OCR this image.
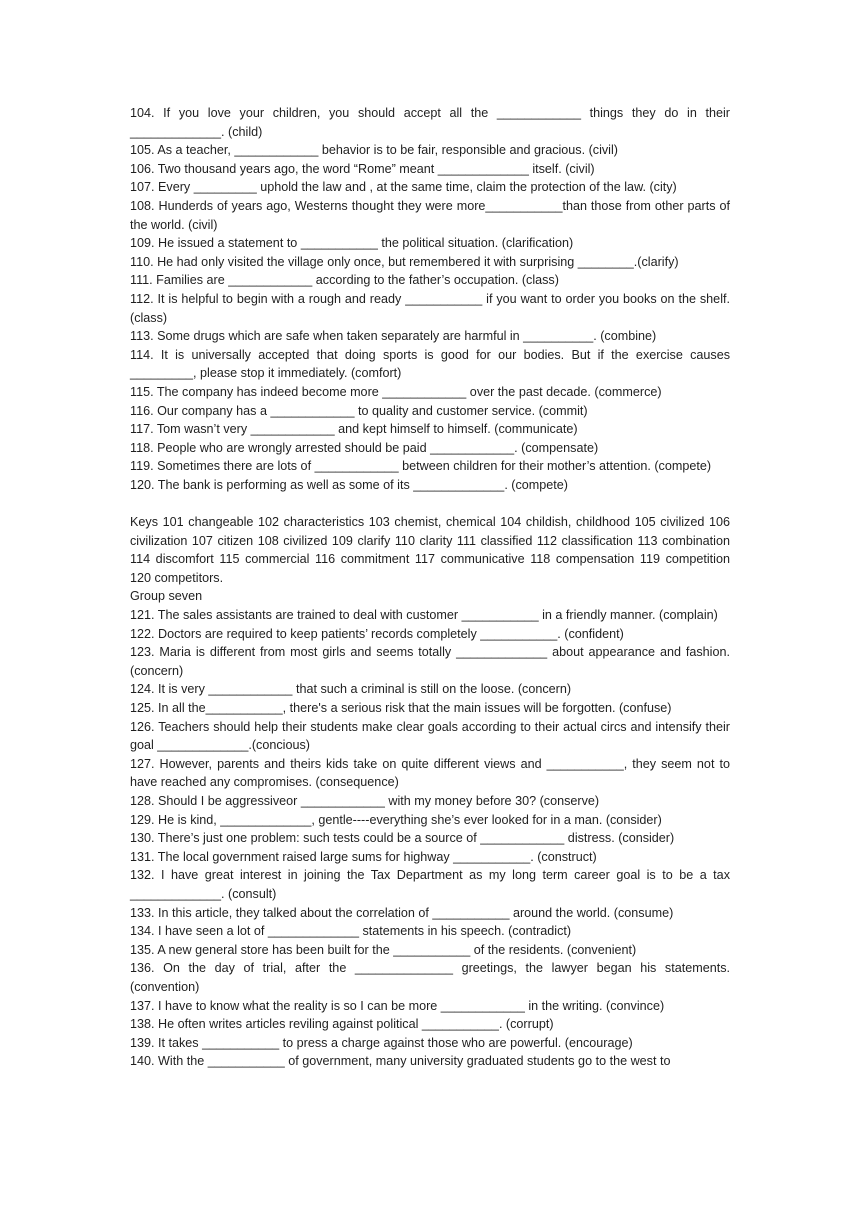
104. If you love your children, you should accept all the ____________ things they do in their _____________. (child)

105. As a teacher, ____________ behavior is to be fair, responsible and gracious. (civil)

106. Two thousand years ago, the word “Rome” meant _____________ itself. (civil)

107. Every _________ uphold the law and , at the same time, claim the protection of the law. (city)

108. Hunderds of years ago, Westerns thought they were more___________than those from other parts of the world. (civil)

109. He issued a statement to ___________ the political situation. (clarification)

110. He had only visited the village only once, but remembered it with surprising ________.(clarify)

111. Families are ____________ according to the father’s occupation. (class)

112. It is helpful to begin with a rough and ready ___________ if you want to order you books on the shelf. (class)

113. Some drugs which are safe when taken separately are harmful in __________. (combine)

114. It is universally accepted that doing sports is good for our bodies. But if the exercise causes _________, please stop it immediately. (comfort)

115. The company has indeed become more ____________ over the past decade. (commerce)

116. Our company has a ____________ to quality and customer service. (commit)

117. Tom wasn’t very ____________ and kept himself to himself. (communicate)

118. People who are wrongly arrested should be paid ____________. (compensate)

119. Sometimes there are lots of ____________ between children for their mother’s attention. (compete)

120. The bank is performing as well as some of its _____________. (compete)

Keys 101 changeable 102 characteristics 103 chemist, chemical 104 childish, childhood 105 civilized 106 civilization 107 citizen 108 civilized 109 clarify 110 clarity 111 classified 112 classification 113 combination 114 discomfort 115 commercial 116 commitment 117 communicative 118 compensation 119 competition 120 competitors.

Group seven

121. The sales assistants are trained to deal with customer ___________ in a friendly manner. (complain)

122. Doctors are required to keep patients’ records completely ___________. (confident)

123. Maria is different from most girls and seems totally _____________ about appearance and fashion. (concern)

124. It is very ____________ that such a criminal is still on the loose. (concern)

125. In all the___________, there's a serious risk that the main issues will be forgotten. (confuse)

126. Teachers should help their students make clear goals according to their actual circs and intensify their goal _____________.(concious)

127. However, parents and theirs kids take on quite different views and ___________, they seem not to have reached any compromises. (consequence)

128. Should I be aggressiveor ____________ with my money before 30? (conserve)

129. He is kind, _____________, gentle----everything she’s ever looked for in a man. (consider)

130. There’s just one problem: such tests could be a source of ____________ distress. (consider)

131. The local government raised large sums for highway ___________. (construct)

132. I have great interest in joining the Tax Department as my long term career goal is to be a tax _____________. (consult)

133. In this article, they talked about the correlation of ___________ around the world. (consume)

134. I have seen a lot of _____________ statements in his speech. (contradict)

135. A new general store has been built for the ___________ of the residents. (convenient)

136. On the day of trial, after the ______________ greetings, the lawyer began his statements. (convention)

137. I have to know what the reality is so I can be more ____________ in the writing. (convince)

138. He often writes articles reviling against political ___________. (corrupt)

139. It takes ___________ to press a charge against those who are powerful. (encourage)

140. With the ___________ of government, many university graduated students go to the west to
